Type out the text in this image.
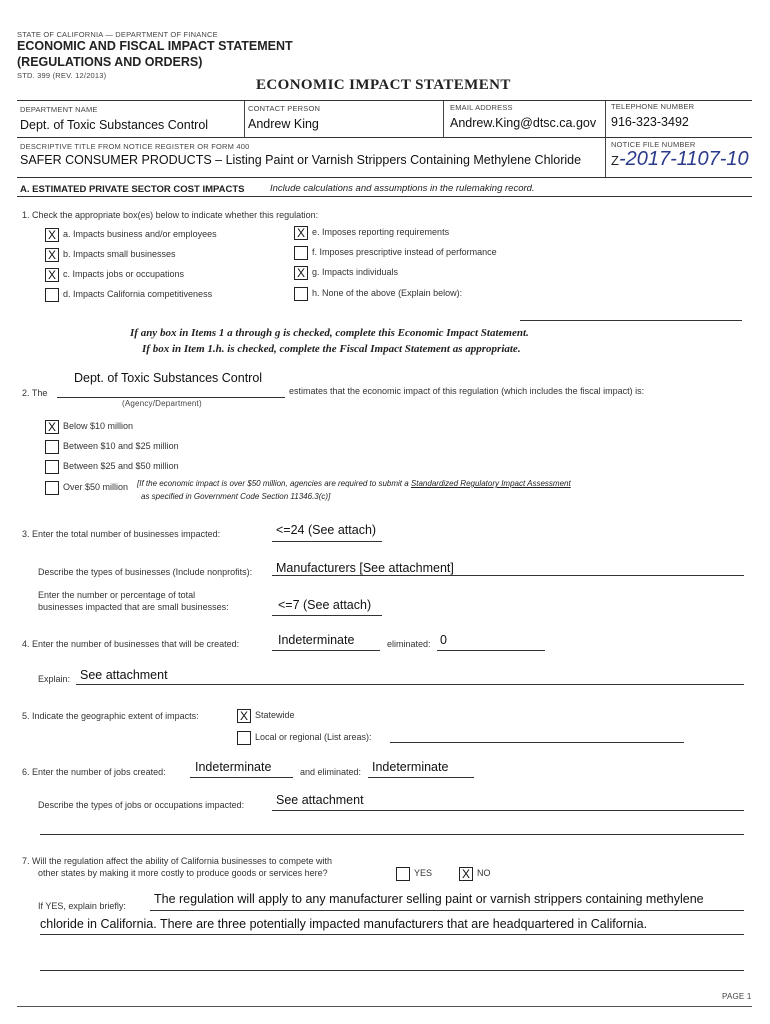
STATE OF CALIFORNIA — DEPARTMENT OF FINANCE
ECONOMIC AND FISCAL IMPACT STATEMENT
(REGULATIONS AND ORDERS)
STD. 399 (REV. 12/2013)
ECONOMIC IMPACT STATEMENT
DEPARTMENT NAME
Dept. of Toxic Substances Control
CONTACT PERSON
Andrew King
EMAIL ADDRESS
Andrew.King@dtsc.ca.gov
TELEPHONE NUMBER
916-323-3492
DESCRIPTIVE TITLE FROM NOTICE REGISTER OR FORM 400
SAFER CONSUMER PRODUCTS – Listing Paint or Varnish Strippers Containing Methylene Chloride
NOTICE FILE NUMBER
Z-2017-1107-10
A. ESTIMATED PRIVATE SECTOR COST IMPACTS	Include calculations and assumptions in the rulemaking record.
1. Check the appropriate box(es) below to indicate whether this regulation:
X a. Impacts business and/or employees
X b. Impacts small businesses
X c. Impacts jobs or occupations
d. Impacts California competitiveness
X e. Imposes reporting requirements
f. Imposes prescriptive instead of performance
X g. Impacts individuals
h. None of the above (Explain below):
If any box in Items 1 a through g is checked, complete this Economic Impact Statement.
If box in Item 1.h. is checked, complete the Fiscal Impact Statement as appropriate.
2. The
Dept. of Toxic Substances Control
(Agency/Department)
estimates that the economic impact of this regulation (which includes the fiscal impact) is:
X Below $10 million
Between $10 and $25 million
Between $25 and $50 million
Over $50 million [If the economic impact is over $50 million, agencies are required to submit a Standardized Regulatory Impact Assessment
as specified in Government Code Section 11346.3(c)]
3. Enter the total number of businesses impacted:	<=24 (See attach)
Describe the types of businesses (Include nonprofits): Manufacturers [See attachment]
Enter the number or percentage of total
businesses impacted that are small businesses:	<=7 (See attach)
4. Enter the number of businesses that will be created:	Indeterminate	eliminated: 0
Explain: See attachment
5. Indicate the geographic extent of impacts:	X Statewide
Local or regional (List areas):
6. Enter the number of jobs created: Indeterminate	and eliminated: Indeterminate
Describe the types of jobs or occupations impacted:	See attachment
7. Will the regulation affect the ability of California businesses to compete with
other states by making it more costly to produce goods or services here?	YES X NO
If YES, explain briefly: The regulation will apply to any manufacturer selling paint or varnish strippers containing methylene
chloride in California. There are three potentially impacted manufacturers that are headquartered in California.
PAGE 1
